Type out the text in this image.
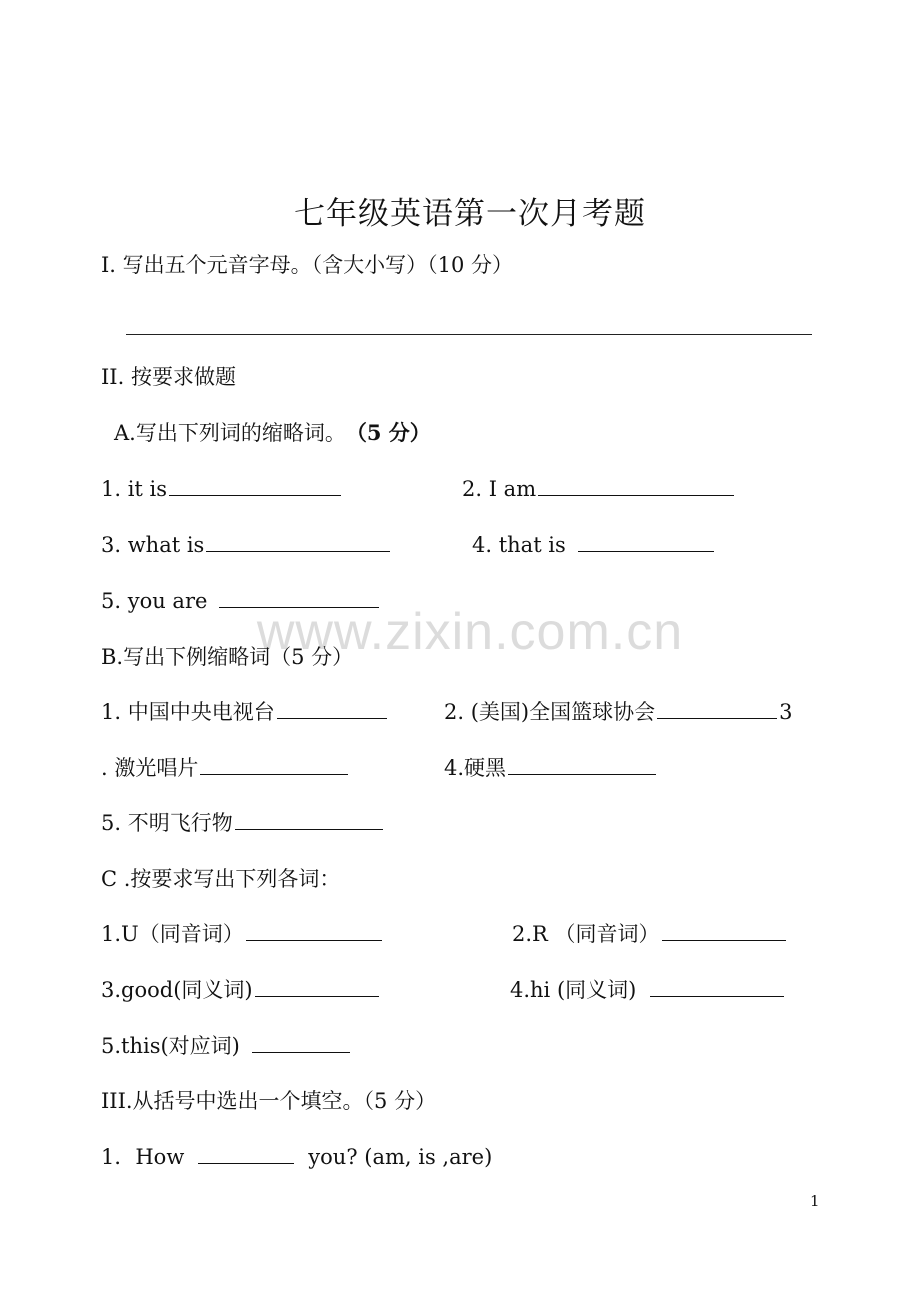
七年级英语第一次月考题
I. 写出五个元音字母。（含大小写）（10 分）
II. 按要求做题
A.写出下列词的缩略词。 （5 分）
1. it is	2. I am
3. what is	4. that is
5. you are
www.zixin.com.cn
B.写出下例缩略词（5 分）
1. 中国中央电视台	2. (美国)全国篮球协会	3
. 激光唱片	4.硬黑
5. 不明飞行物
C .按要求写出下列各词：
1.U（同音词）	2.R （同音词）
3.good(同义词)	4.hi (同义词)
5.this(对应词)
III.从括号中选出一个填空。（5 分）
1．How	you? (am, is ,are)
1
